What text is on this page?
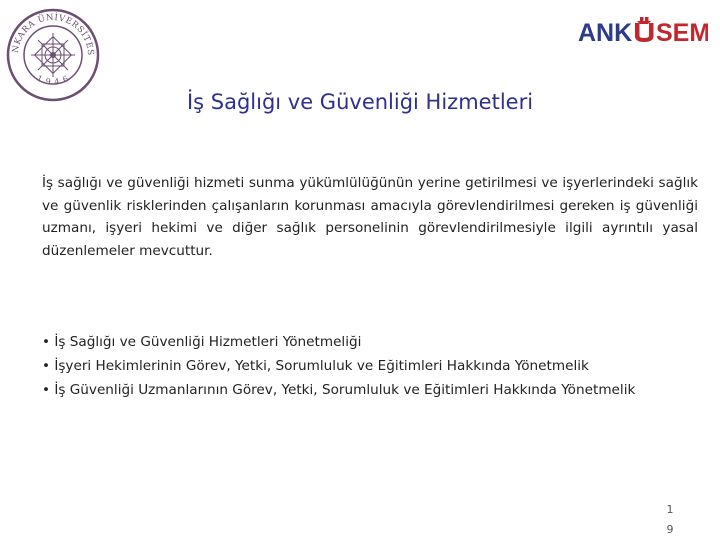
NKARA ÜNİVERSİTES
1 9 4 6
ANK SEM
İş Sağlığı ve Güvenliği Hizmetleri
İş sağlığı ve güvenliği hizmeti sunma yükümlülüğünün yerine getirilmesi ve işyerlerindeki sağlık ve güvenlik risklerinden çalışanların korunması amacıyla görevlendirilmesi gereken iş güvenliği uzmanı, işyeri hekimi ve diğer sağlık personelinin görevlendirilmesiyle ilgili ayrıntılı yasal düzenlemeler mevcuttur.
• İş Sağlığı ve Güvenliği Hizmetleri Yönetmeliği
• İşyeri Hekimlerinin Görev, Yetki, Sorumluluk ve Eğitimleri Hakkında Yönetmelik
• İş Güvenliği Uzmanlarının Görev, Yetki, Sorumluluk ve Eğitimleri Hakkında Yönetmelik
1
9
